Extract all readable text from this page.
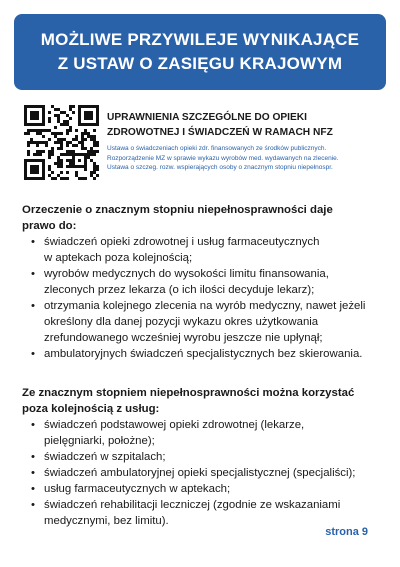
MOŻLIWE PRZYWILEJE WYNIKAJĄCE
Z USTAW O ZASIĘGU KRAJOWYM
UPRAWNIENIA SZCZEGÓLNE DO OPIEKI
ZDROWOTNEJ I ŚWIADCZEŃ W RAMACH NFZ
Ustawa o świadczeniach opieki zdr. finansowanych ze środków publicznych.
Rozporządzenie MZ w sprawie wykazu wyrobów med. wydawanych na zlecenie.
Ustawa o szczeg. rozw. wspierających osoby o znacznym stopniu niepełnospr.
Orzeczenie o znacznym stopniu niepełnosprawności daje
prawo do:
• świadczeń opieki zdrowotnej i usług farmaceutycznych
w aptekach poza kolejnością;
• wyrobów medycznych do wysokości limitu finansowania,
zleconych przez lekarza (o ich ilości decyduje lekarz);
• otrzymania kolejnego zlecenia na wyrób medyczny, nawet jeżeli
określony dla danej pozycji wykazu okres użytkowania
zrefundowanego wcześniej wyrobu jeszcze nie upłynął;
• ambulatoryjnych świadczeń specjalistycznych bez skierowania.
Ze znacznym stopniem niepełnosprawności można korzystać
poza kolejnością z usług:
• świadczeń podstawowej opieki zdrowotnej (lekarze,
pielęgniarki, położne);
• świadczeń w szpitalach;
• świadczeń ambulatoryjnej opieki specjalistycznej (specjaliści);
• usług farmaceutycznych w aptekach;
• świadczeń rehabilitacji leczniczej (zgodnie ze wskazaniami
medycznymi, bez limitu).
strona 9
